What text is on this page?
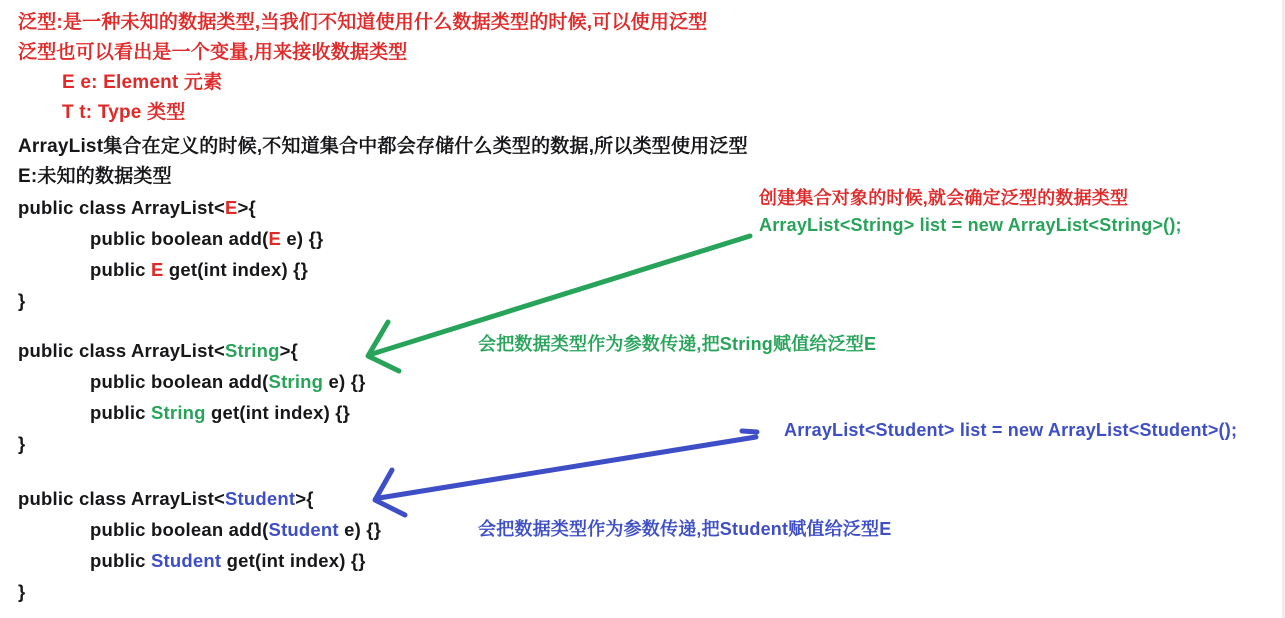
泛型:是一种未知的数据类型,当我们不知道使用什么数据类型的时候,可以使用泛型
泛型也可以看出是一个变量,用来接收数据类型
E e: Element 元素
T t: Type 类型
ArrayList集合在定义的时候,不知道集合中都会存储什么类型的数据,所以类型使用泛型
E:未知的数据类型
public class ArrayList<E>{
public boolean add(E e) {}
public E get(int index) {}
}
public class ArrayList<String>{
public boolean add(String e) {}
public String get(int index) {}
}
public class ArrayList<Student>{
public boolean add(Student e) {}
public Student get(int index) {}
}
创建集合对象的时候,就会确定泛型的数据类型
ArrayList<String> list = new ArrayList<String>();
ArrayList<Student> list = new ArrayList<Student>();
会把数据类型作为参数传递,把String赋值给泛型E
会把数据类型作为参数传递,把Student赋值给泛型E
